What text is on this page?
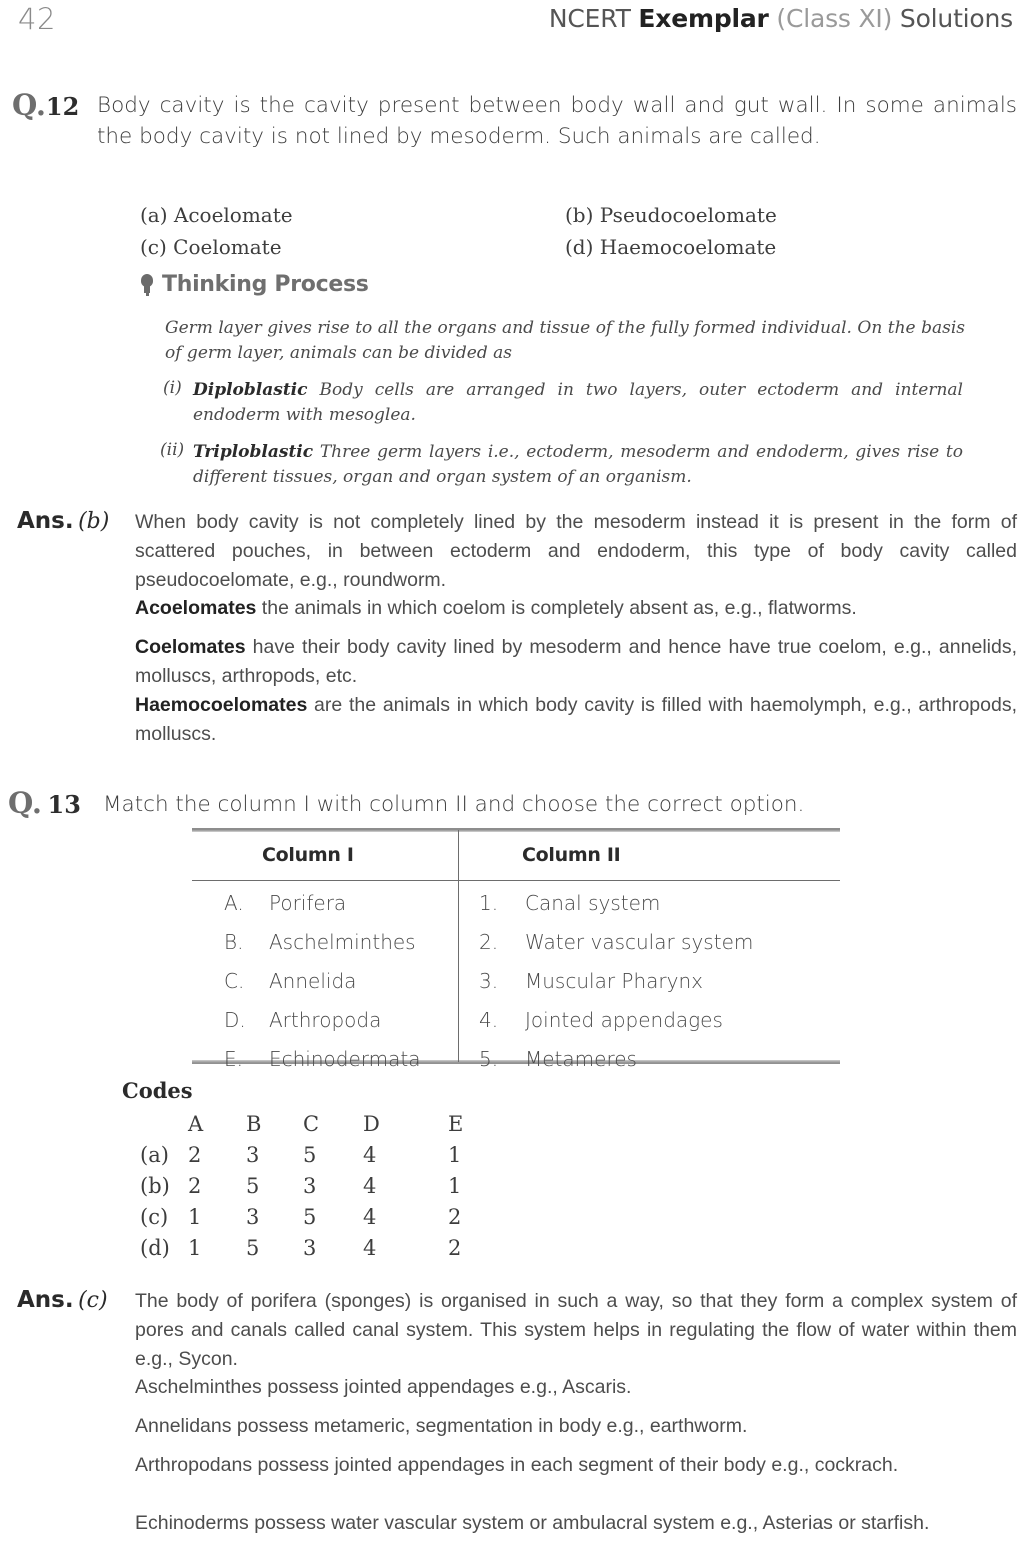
42	NCERT Exemplar (Class XI) Solutions
Q.12 Body cavity is the cavity present between body wall and gut wall. In some animals the body cavity is not lined by mesoderm. Such animals are called.
(a) Acoelomate	(b) Pseudocoelomate
(c) Coelomate	(d) Haemocoelomate
Thinking Process
Germ layer gives rise to all the organs and tissue of the fully formed individual. On the basis of germ layer, animals can be divided as
(i) Diploblastic Body cells are arranged in two layers, outer ectoderm and internal endoderm with mesoglea.
(ii) Triploblastic Three germ layers i.e., ectoderm, mesoderm and endoderm, gives rise to different tissues, organ and organ system of an organism.
Ans. (b) When body cavity is not completely lined by the mesoderm instead it is present in the form of scattered pouches, in between ectoderm and endoderm, this type of body cavity called pseudocoelomate, e.g., roundworm.
Acoelomates the animals in which coelom is completely absent as, e.g., flatworms.
Coelomates have their body cavity lined by mesoderm and hence have true coelom, e.g., annelids, molluscs, arthropods, etc.
Haemocoelomates are the animals in which body cavity is filled with haemolymph, e.g., arthropods, molluscs.
Q. 13 Match the column I with column II and choose the correct option.
Column I	Column II
A. Porifera	1. Canal system
B. Aschelminthes	2. Water vascular system
C. Annelida	3. Muscular Pharynx
D. Arthropoda	4. Jointed appendages
E. Echinodermata	5. Metameres
Codes
A B C D	E
(a) 2 3 5 4	1
(b) 2 5 3 4	1
(c) 1 3 5 4	2
(d) 1 5 3 4	2
Ans. (c) The body of porifera (sponges) is organised in such a way, so that they form a complex system of pores and canals called canal system. This system helps in regulating the flow of water within them e.g., Sycon.
Aschelminthes possess jointed appendages e.g., Ascaris.
Annelidans possess metameric, segmentation in body e.g., earthworm.
Arthropodans possess jointed appendages in each segment of their body e.g., cockrach.
Echinoderms possess water vascular system or ambulacral system e.g., Asterias or starfish.
